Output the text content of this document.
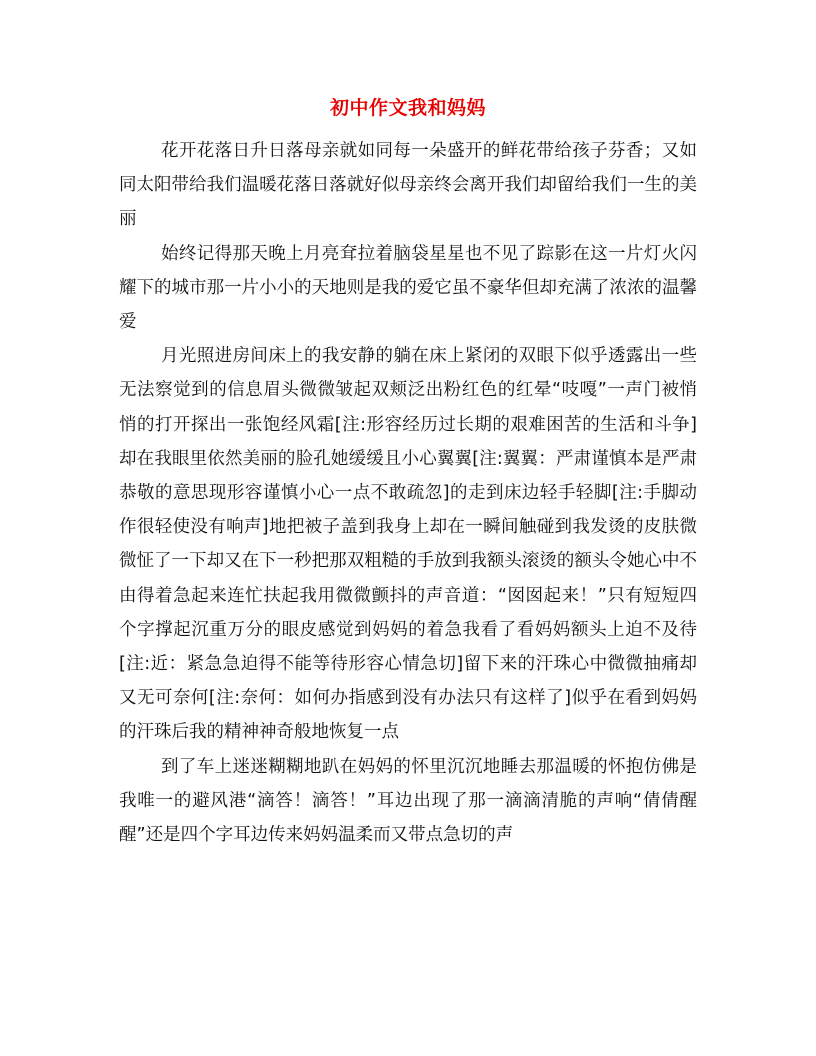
初中作文我和妈妈

花开花落日升日落母亲就如同每一朵盛开的鲜花带给孩子芬香；又如同太阳带给我们温暖花落日落就好似母亲终会离开我们却留给我们一生的美丽

始终记得那天晚上月亮耷拉着脑袋星星也不见了踪影在这一片灯火闪耀下的城市那一片小小的天地则是我的爱它虽不豪华但却充满了浓浓的温馨爱

月光照进房间床上的我安静的躺在床上紧闭的双眼下似乎透露出一些无法察觉到的信息眉头微微皱起双颊泛出粉红色的红晕“吱嘎”一声门被悄悄的打开探出一张饱经风霜[注:形容经历过长期的艰难困苦的生活和斗争]却在我眼里依然美丽的脸孔她缓缓且小心翼翼[注:翼翼：严肃谨慎本是严肃恭敬的意思现形容谨慎小心一点不敢疏忽]的走到床边轻手轻脚[注:手脚动作很轻使没有响声]地把被子盖到我身上却在一瞬间触碰到我发烫的皮肤微微怔了一下却又在下一秒把那双粗糙的手放到我额头滚烫的额头令她心中不由得着急起来连忙扶起我用微微颤抖的声音道：“囡囡起来！”只有短短四个字撑起沉重万分的眼皮感觉到妈妈的着急我看了看妈妈额头上迫不及待[注:近：紧急急迫得不能等待形容心情急切]留下来的汗珠心中微微抽痛却又无可奈何[注:奈何：如何办指感到没有办法只有这样了]似乎在看到妈妈的汗珠后我的精神神奇般地恢复一点

到了车上迷迷糊糊地趴在妈妈的怀里沉沉地睡去那温暖的怀抱仿佛是我唯一的避风港“滴答！滴答！”耳边出现了那一滴滴清脆的声响“倩倩醒醒”还是四个字耳边传来妈妈温柔而又带点急切的声
